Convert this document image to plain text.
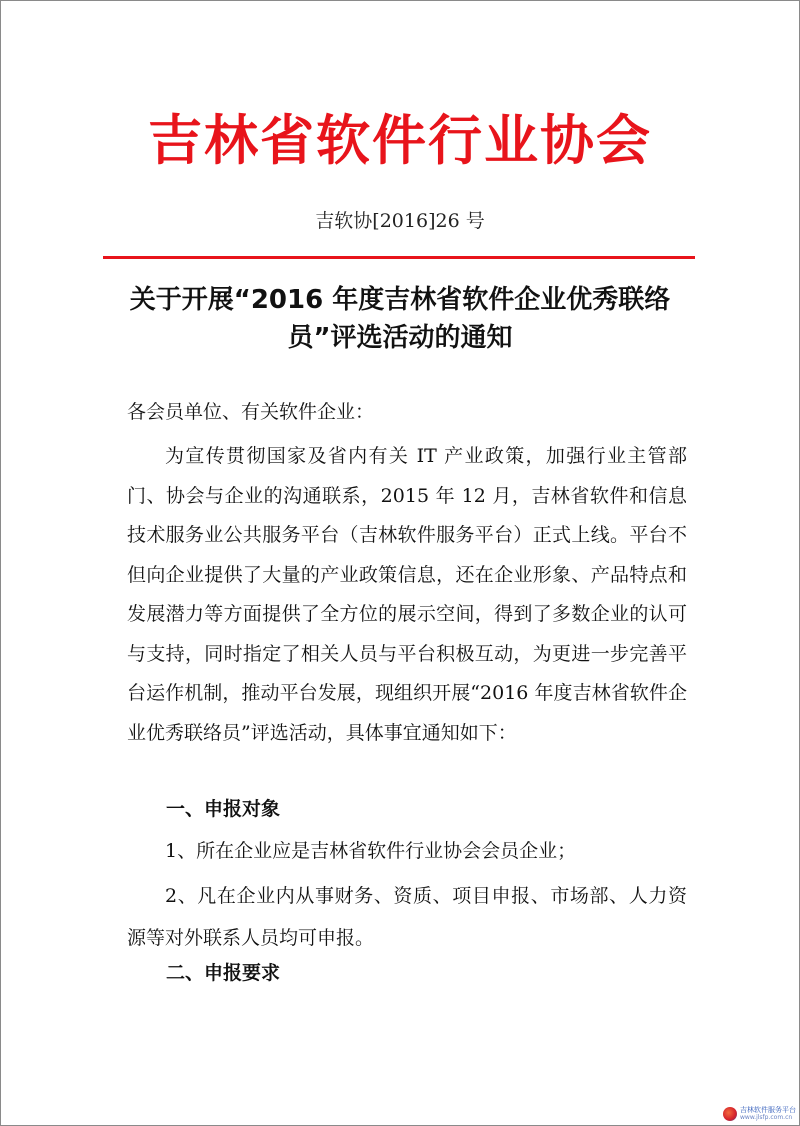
吉林省软件行业协会
吉软协[2016]26 号
关于开展“2016 年度吉林省软件企业优秀联络员”评选活动的通知
各会员单位、有关软件企业：
为宣传贯彻国家及省内有关 IT 产业政策，加强行业主管部门、协会与企业的沟通联系，2015 年 12 月，吉林省软件和信息技术服务业公共服务平台（吉林软件服务平台）正式上线。平台不但向企业提供了大量的产业政策信息，还在企业形象、产品特点和发展潜力等方面提供了全方位的展示空间，得到了多数企业的认可与支持，同时指定了相关人员与平台积极互动，为更进一步完善平台运作机制，推动平台发展，现组织开展“2016 年度吉林省软件企业优秀联络员”评选活动，具体事宜通知如下：
一、申报对象
1、所在企业应是吉林省软件行业协会会员企业；
2、凡在企业内从事财务、资质、项目申报、市场部、人力资源等对外联系人员均可申报。
二、申报要求
吉林软件服务平台
www.jlsfp.com.cn
